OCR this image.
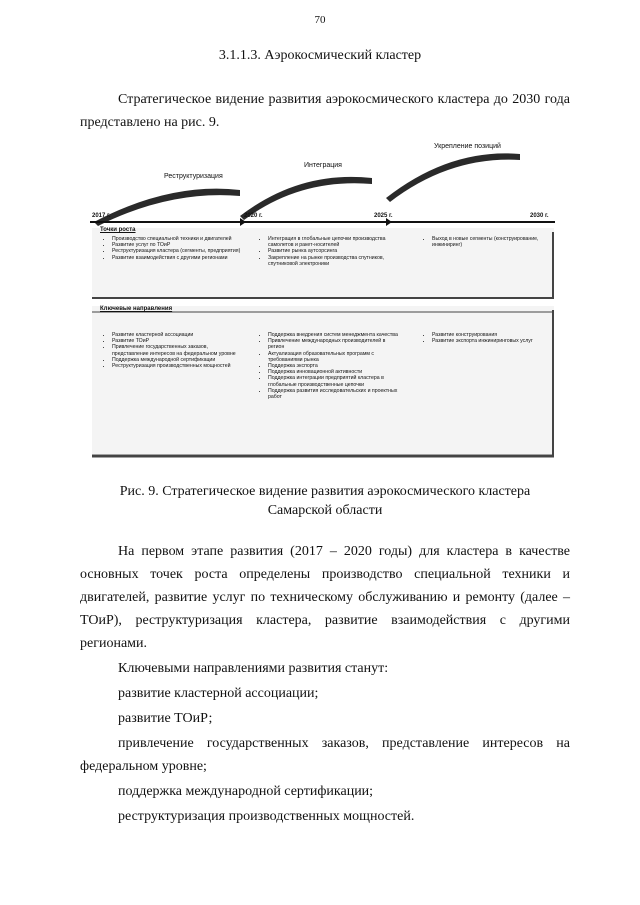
70
3.1.1.3. Аэрокосмический кластер
Стратегическое видение развития аэрокосмического кластера до 2030 года представлено на рис. 9.
Реструктуризация
Интеграция
Укрепление позиций
2017 г.	2020 г.	2025 г.	2030 г.
Точки роста
• Производство специальной техники и двигателей
• Развитие услуг по ТОиР
• Реструктуризация кластера (сегменты, предприятия)
• Развитие взаимодействия с другими регионами
• Интеграция в глобальные цепочки производства самолетов и ракет-носителей
• Развитие рынка аутсорсинга
• Закрепление на рынке производства спутников, спутниковой электроники
• Выход в новые сегменты (конструирование, инжиниринг)
Ключевые направления
• Развитие кластерной ассоциации
• Развитие ТОиР
• Привлечение государственных заказов, представление интересов на федеральном уровне
• Поддержка международной сертификации
• Реструктуризация производственных мощностей
• Поддержка внедрения систем менеджмента качества
• Привлечение международных производителей в регион
• Актуализация образовательных программ с требованиями рынка
• Поддержка экспорта
• Поддержка инновационной активности
• Поддержка интеграции предприятий кластера в глобальные производственные цепочки
• Поддержка развития исследовательских и проектных работ
• Развитие конструирования
• Развитие экспорта инжиниринговых услуг
Рис. 9. Стратегическое видение развития аэрокосмического кластера
Самарской области

На первом этапе развития (2017 – 2020 годы) для кластера в качестве основных точек роста определены производство специальной техники и двигателей, развитие услуг по техническому обслуживанию и ремонту (далее – ТОиР), реструктуризация кластера, развитие взаимодействия с другими регионами.

Ключевыми направлениями развития станут:

развитие кластерной ассоциации;

развитие ТОиР;

привлечение государственных заказов, представление интересов на федеральном уровне;

поддержка международной сертификации;

реструктуризация производственных мощностей.
